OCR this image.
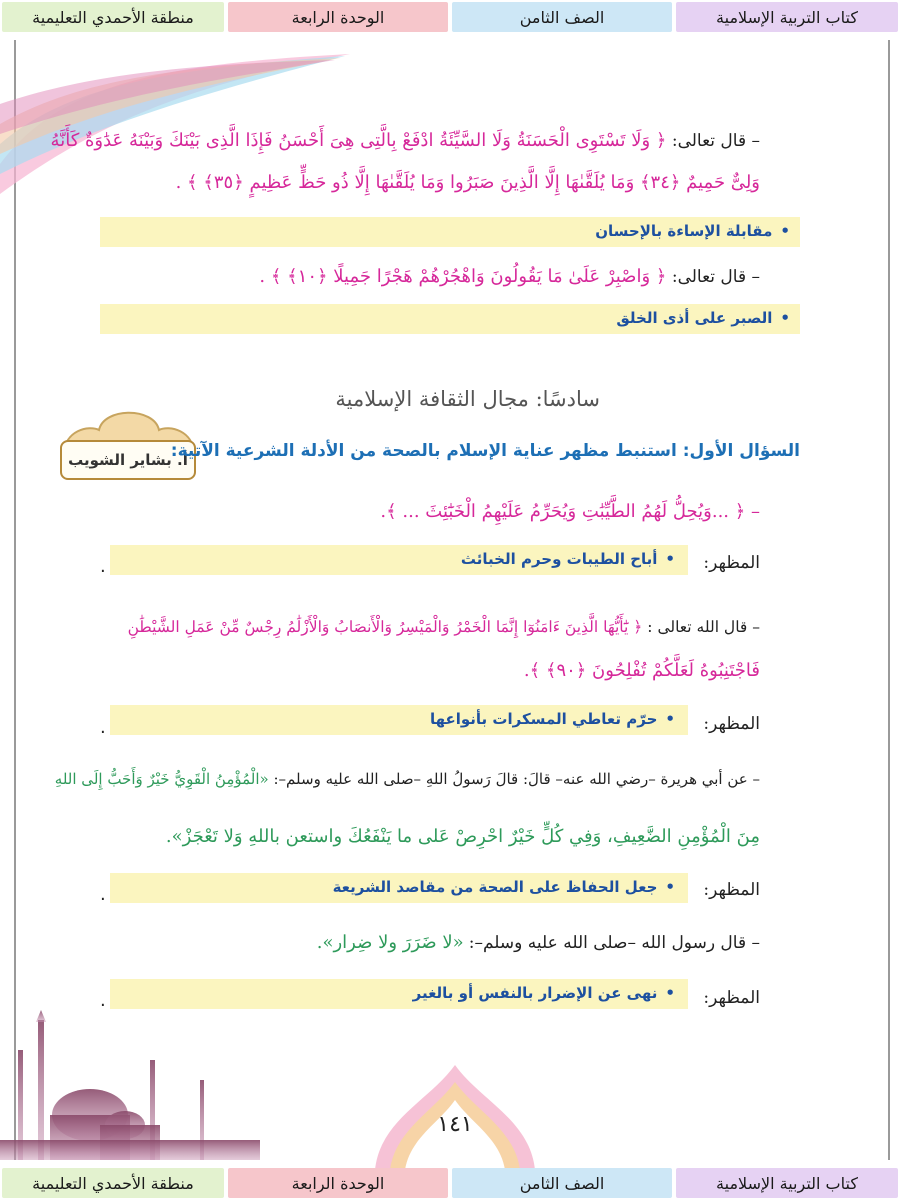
منطقة الأحمدي التعليمية	الوحدة الرابعة	الصف الثامن	كتاب التربية الإسلامية
– قال تعالى: ﴿ وَلَا تَسْتَوِى الْحَسَنَةُ وَلَا السَّيِّئَةُ ادْفَعْ بِالَّتِى هِىَ أَحْسَنُ فَإِذَا الَّذِى بَيْنَكَ وَبَيْنَهُ عَدَٰوَةٌ كَأَنَّهُ
وَلِىٌّ حَمِيمٌ ﴿٣٤﴾ وَمَا يُلَقَّىٰهَا إِلَّا الَّذِينَ صَبَرُوا وَمَا يُلَقَّىٰهَا إِلَّا ذُو حَظٍّ عَظِيمٍ ﴿٣٥﴾ ﴾ .
•مقابلة الإساءة بالإحسان
– قال تعالى: ﴿ وَاصْبِرْ عَلَىٰ مَا يَقُولُونَ وَاهْجُرْهُمْ هَجْرًا جَمِيلًا ﴿١٠﴾ ﴾ .
•الصبر على أذى الخلق
سادسًا: مجال الثقافة الإسلامية
أ. بشاير الشويب
السؤال الأول: استنبط مظهر عناية الإسلام بالصحة من الأدلة الشرعية الآتية:
– ﴿ ...وَيُحِلُّ لَهُمُ الطَّيِّبَٰتِ وَيُحَرِّمُ عَلَيْهِمُ الْخَبَٰٓئِثَ ... ﴾.
المظهر:
•أباح الطيبات وحرم الخبائث
.
– قال الله تعالى : ﴿ يَٰٓأَيُّهَا الَّذِينَ ءَامَنُوٓا إِنَّمَا الْخَمْرُ وَالْمَيْسِرُ وَالْأَنصَابُ وَالْأَزْلَٰمُ رِجْسٌ مِّنْ عَمَلِ الشَّيْطَٰنِ
فَاجْتَنِبُوهُ لَعَلَّكُمْ تُفْلِحُونَ ﴿٩٠﴾ ﴾.
المظهر:
•حرّم تعاطي المسكرات بأنواعها
.
– عن أبي هريرة –رضي الله عنه– قالَ: قالَ رَسولُ اللهِ –صلى الله عليه وسلم–: «الْمُؤْمِنُ الْقَوِيُّ خَيْرٌ وَأَحَبُّ إِلَى اللهِ
مِنَ الْمُؤْمِنِ الضَّعِيفِ، وَفِي كُلٍّ خَيْرٌ احْرِصْ عَلى ما يَنْفَعُكَ واستعن باللهِ وَلا تَعْجَزْ».
المظهر:
•جعل الحفاظ على الصحة من مقاصد الشريعة
.
– قال رسول الله –صلى الله عليه وسلم–: «لا ضَرَرَ ولا ضِرار».
المظهر:
•نهى عن الإضرار بالنفس أو بالغير
.
١٤١
منطقة الأحمدي التعليمية	الوحدة الرابعة	الصف الثامن	كتاب التربية الإسلامية
